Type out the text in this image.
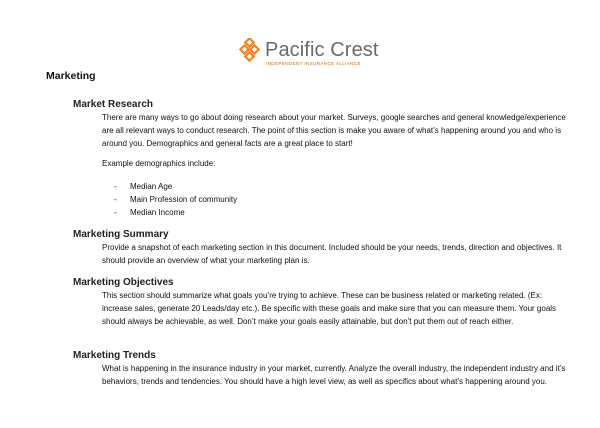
Pacific Crest
INDEPENDENT INSURANCE ALLIANCE
Marketing
Market Research

There are many ways to go about doing research about your market. Surveys, google searches and general knowledge/experience are all relevant ways to conduct research. The point of this section is make you aware of what’s happening around you and who is around you. Demographics and general facts are a great place to start!

Example demographics include:

- Median Age
- Main Profession of community
- Median Income
Marketing Summary

Provide a snapshot of each marketing section in this document. Included should be your needs, trends, direction and objectives. It should provide an overview of what your marketing plan is.

Marketing Objectives

This section should summarize what goals you’re trying to achieve. These can be business related or marketing related. (Ex: increase sales, generate 20 Leads/day etc.). Be specific with these goals and make sure that you can measure them. Your goals should always be achievable, as well. Don’t make your goals easily attainable, but don’t put them out of reach either.

Marketing Trends

What is happening in the insurance industry in your market, currently. Analyze the overall industry, the independent industry and it’s behaviors, trends and tendencies. You should have a high level view, as well as specifics about what’s happening around you.
